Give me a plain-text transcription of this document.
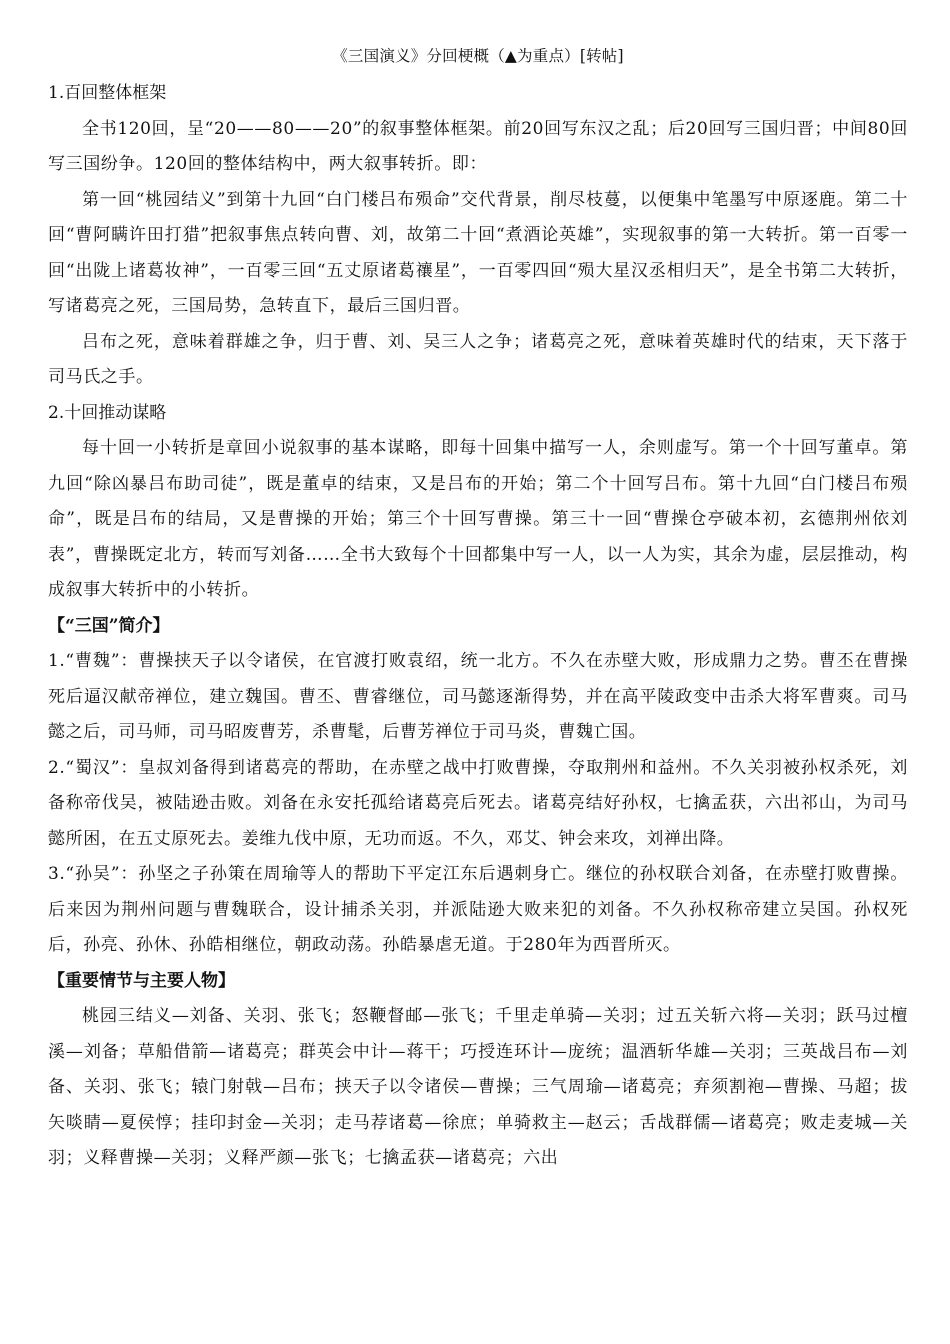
《三国演义》分回梗概（▲为重点）[转帖]

1.百回整体框架

全书120回，呈“20——80——20”的叙事整体框架。前20回写东汉之乱；后20回写三国归晋；中间80回写三国纷争。120回的整体结构中，两大叙事转折。即：

第一回“桃园结义”到第十九回“白门楼吕布殒命”交代背景，削尽枝蔓，以便集中笔墨写中原逐鹿。第二十回“曹阿瞒许田打猎”把叙事焦点转向曹、刘，故第二十回“煮酒论英雄”，实现叙事的第一大转折。第一百零一回“出陇上诸葛妆神”，一百零三回“五丈原诸葛禳星”，一百零四回“殒大星汉丞相归天”，是全书第二大转折，写诸葛亮之死，三国局势，急转直下，最后三国归晋。

吕布之死，意味着群雄之争，归于曹、刘、吴三人之争；诸葛亮之死，意味着英雄时代的结束，天下落于司马氏之手。

2.十回推动谋略

每十回一小转折是章回小说叙事的基本谋略，即每十回集中描写一人，余则虚写。第一个十回写董卓。第九回“除凶暴吕布助司徒”，既是董卓的结束，又是吕布的开始；第二个十回写吕布。第十九回“白门楼吕布殒命”，既是吕布的结局，又是曹操的开始；第三个十回写曹操。第三十一回“曹操仓亭破本初，玄德荆州依刘表”，曹操既定北方，转而写刘备……全书大致每个十回都集中写一人，以一人为实，其余为虚，层层推动，构成叙事大转折中的小转折。

【“三国”简介】

1.“曹魏”：曹操挟天子以令诸侯，在官渡打败袁绍，统一北方。不久在赤壁大败，形成鼎力之势。曹丕在曹操死后逼汉献帝禅位，建立魏国。曹丕、曹睿继位，司马懿逐渐得势，并在高平陵政变中击杀大将军曹爽。司马懿之后，司马师，司马昭废曹芳，杀曹髦，后曹芳禅位于司马炎，曹魏亡国。

2.“蜀汉”：皇叔刘备得到诸葛亮的帮助，在赤壁之战中打败曹操，夺取荆州和益州。不久关羽被孙权杀死，刘备称帝伐吴，被陆逊击败。刘备在永安托孤给诸葛亮后死去。诸葛亮结好孙权，七擒孟获，六出祁山，为司马懿所困，在五丈原死去。姜维九伐中原，无功而返。不久，邓艾、钟会来攻，刘禅出降。

3.“孙吴”：孙坚之子孙策在周瑜等人的帮助下平定江东后遇刺身亡。继位的孙权联合刘备，在赤壁打败曹操。后来因为荆州问题与曹魏联合，设计捕杀关羽，并派陆逊大败来犯的刘备。不久孙权称帝建立吴国。孙权死后，孙亮、孙休、孙皓相继位，朝政动荡。孙皓暴虐无道。于280年为西晋所灭。

【重要情节与主要人物】

桃园三结义—刘备、关羽、张飞；怒鞭督邮—张飞；千里走单骑—关羽；过五关斩六将—关羽；跃马过檀溪—刘备；草船借箭—诸葛亮；群英会中计—蒋干；巧授连环计—庞统；温酒斩华雄—关羽；三英战吕布—刘备、关羽、张飞；辕门射戟—吕布；挟天子以令诸侯—曹操；三气周瑜—诸葛亮；弃须割袍—曹操、马超；拔矢啖睛—夏侯惇；挂印封金—关羽；走马荐诸葛—徐庶；单骑救主—赵云；舌战群儒—诸葛亮；败走麦城—关羽；义释曹操—关羽；义释严颜—张飞；七擒孟获—诸葛亮；六出
